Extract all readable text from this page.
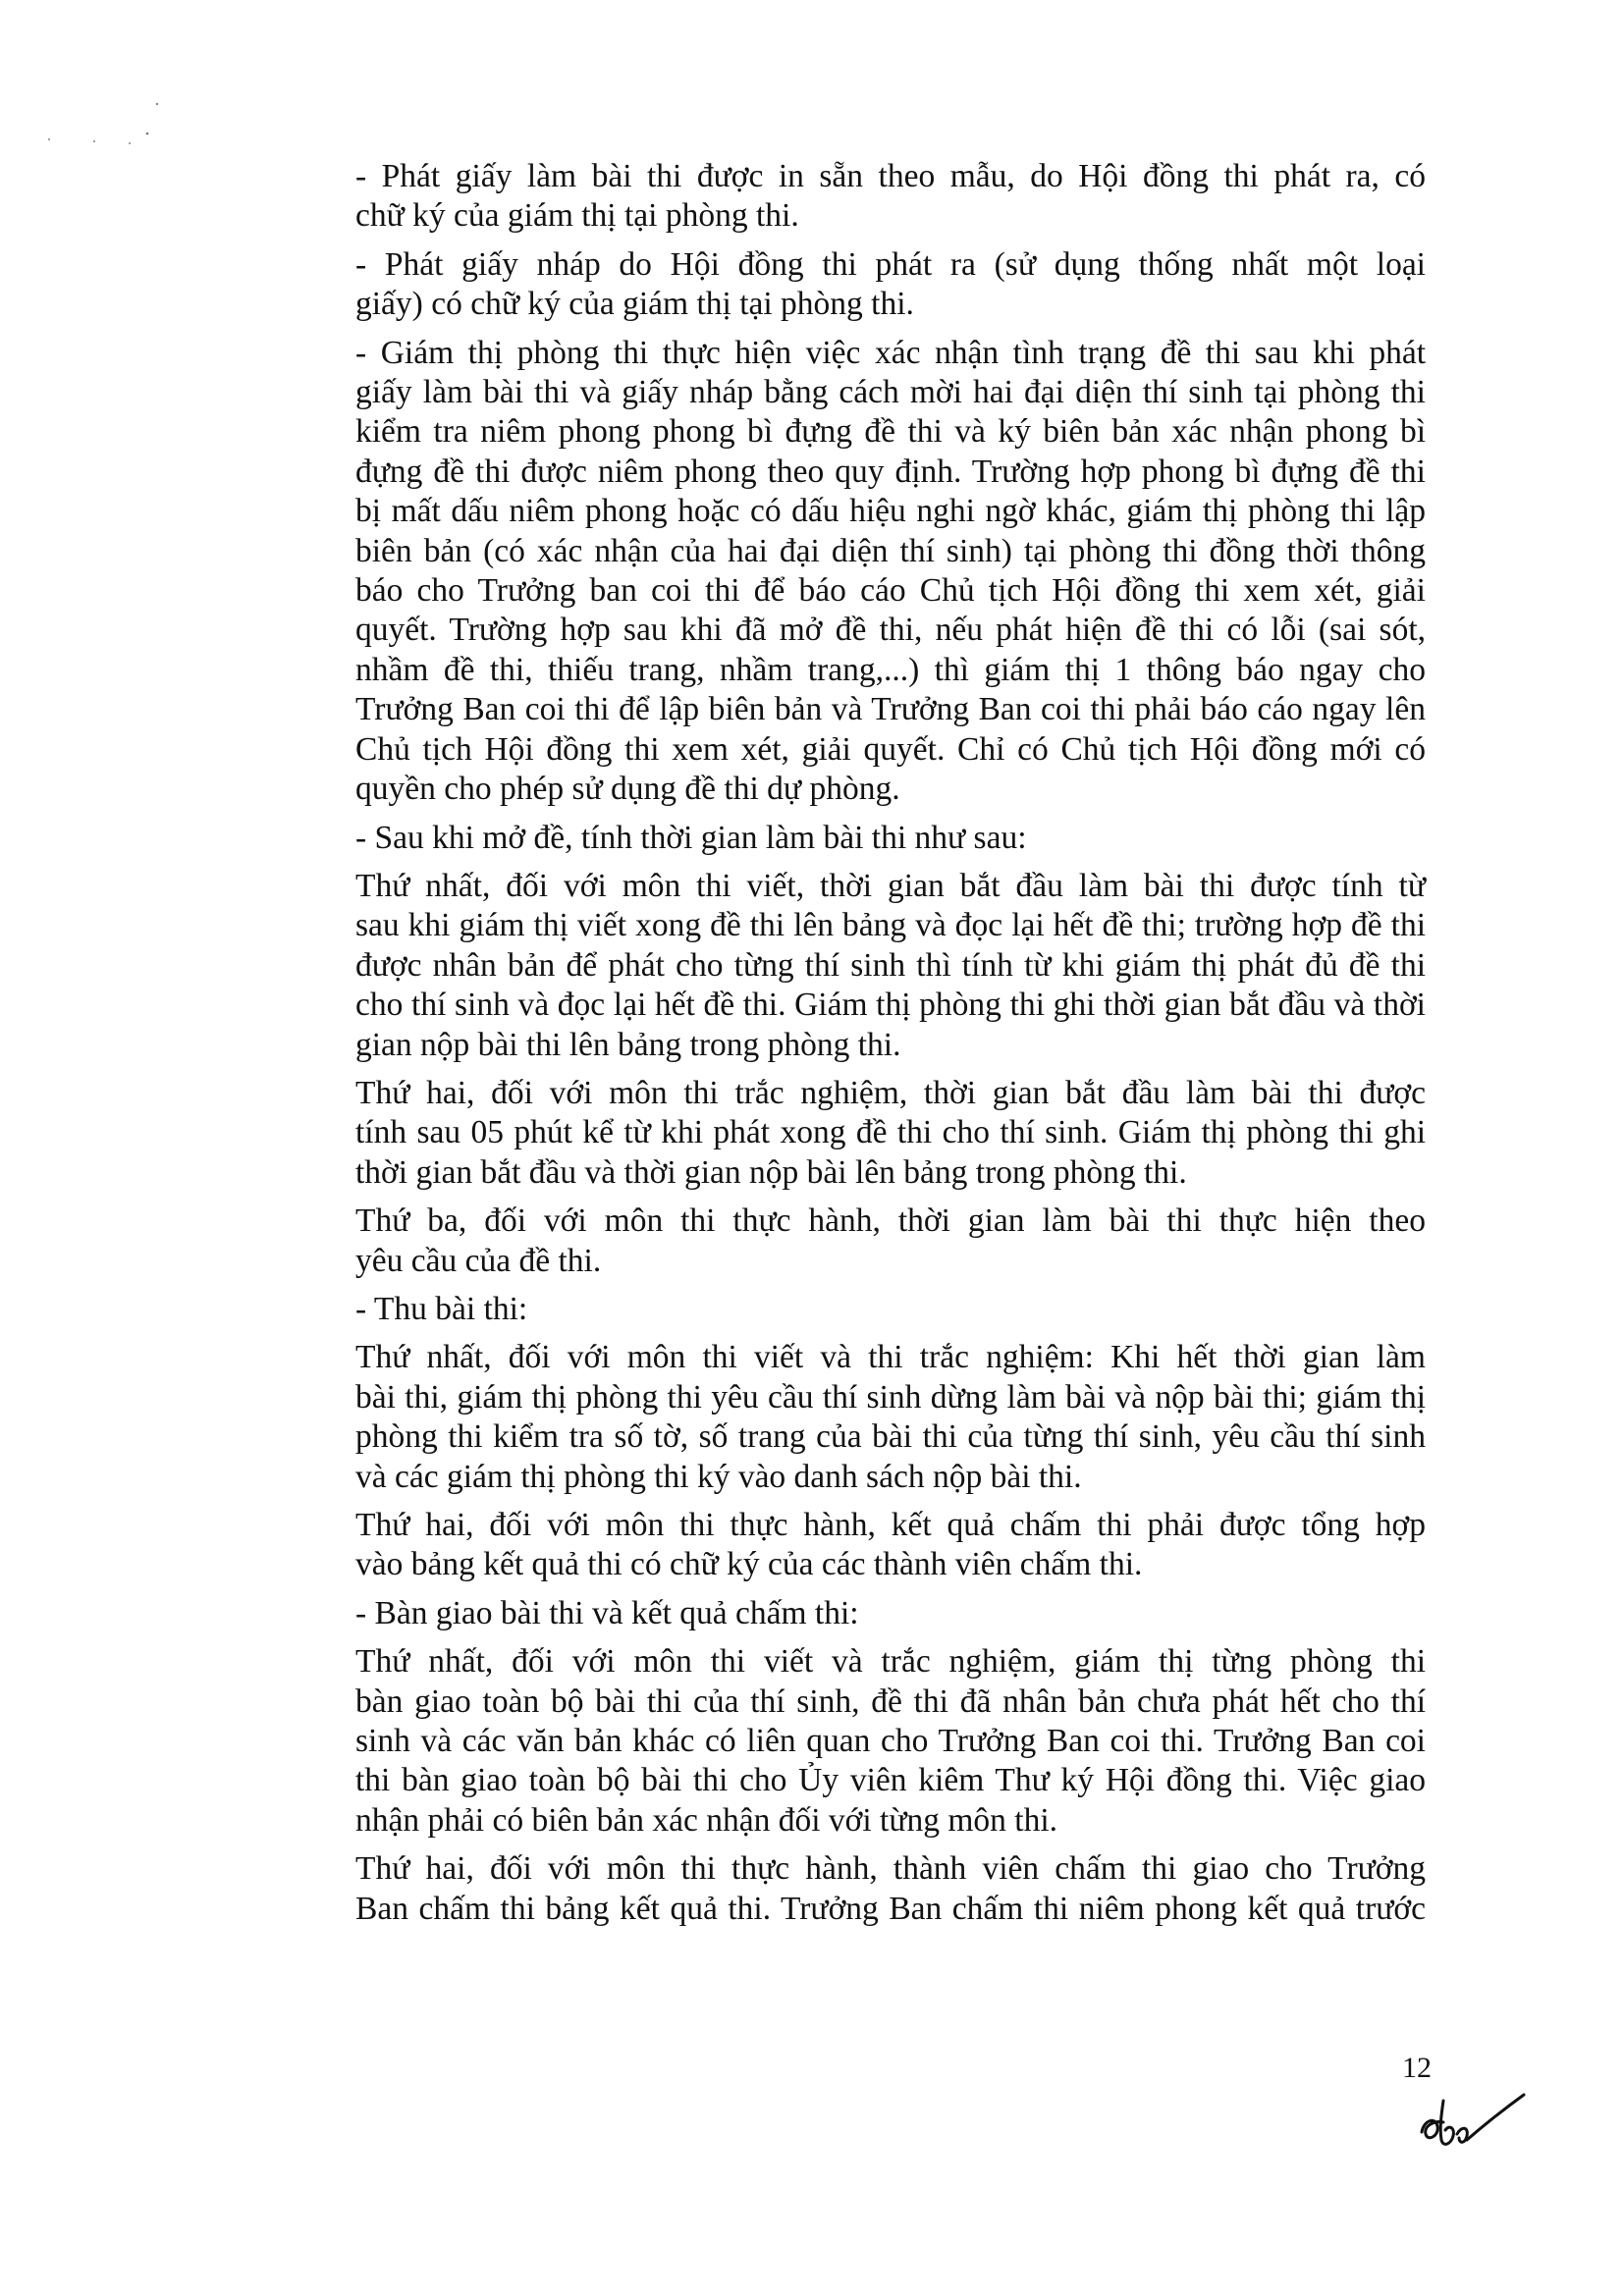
- Phát giấy làm bài thi được in sẵn theo mẫu, do Hội đồng thi phát ra, có
chữ ký của giám thị tại phòng thi.
- Phát giấy nháp do Hội đồng thi phát ra (sử dụng thống nhất một loại
giấy) có chữ ký của giám thị tại phòng thi.
- Giám thị phòng thi thực hiện việc xác nhận tình trạng đề thi sau khi phát
giấy làm bài thi và giấy nháp bằng cách mời hai đại diện thí sinh tại phòng thi
kiểm tra niêm phong phong bì đựng đề thi và ký biên bản xác nhận phong bì
đựng đề thi được niêm phong theo quy định. Trường hợp phong bì đựng đề thi
bị mất dấu niêm phong hoặc có dấu hiệu nghi ngờ khác, giám thị phòng thi lập
biên bản (có xác nhận của hai đại diện thí sinh) tại phòng thi đồng thời thông
báo cho Trưởng ban coi thi để báo cáo Chủ tịch Hội đồng thi xem xét, giải
quyết. Trường hợp sau khi đã mở đề thi, nếu phát hiện đề thi có lỗi (sai sót,
nhầm đề thi, thiếu trang, nhầm trang,...) thì giám thị 1 thông báo ngay cho
Trưởng Ban coi thi để lập biên bản và Trưởng Ban coi thi phải báo cáo ngay lên
Chủ tịch Hội đồng thi xem xét, giải quyết. Chỉ có Chủ tịch Hội đồng mới có
quyền cho phép sử dụng đề thi dự phòng.
- Sau khi mở đề, tính thời gian làm bài thi như sau:
Thứ nhất, đối với môn thi viết, thời gian bắt đầu làm bài thi được tính từ
sau khi giám thị viết xong đề thi lên bảng và đọc lại hết đề thi; trường hợp đề thi
được nhân bản để phát cho từng thí sinh thì tính từ khi giám thị phát đủ đề thi
cho thí sinh và đọc lại hết đề thi. Giám thị phòng thi ghi thời gian bắt đầu và thời
gian nộp bài thi lên bảng trong phòng thi.
Thứ hai, đối với môn thi trắc nghiệm, thời gian bắt đầu làm bài thi được
tính sau 05 phút kể từ khi phát xong đề thi cho thí sinh. Giám thị phòng thi ghi
thời gian bắt đầu và thời gian nộp bài lên bảng trong phòng thi.
Thứ ba, đối với môn thi thực hành, thời gian làm bài thi thực hiện theo
yêu cầu của đề thi.
- Thu bài thi:
Thứ nhất, đối với môn thi viết và thi trắc nghiệm: Khi hết thời gian làm
bài thi, giám thị phòng thi yêu cầu thí sinh dừng làm bài và nộp bài thi; giám thị
phòng thi kiểm tra số tờ, số trang của bài thi của từng thí sinh, yêu cầu thí sinh
và các giám thị phòng thi ký vào danh sách nộp bài thi.
Thứ hai, đối với môn thi thực hành, kết quả chấm thi phải được tổng hợp
vào bảng kết quả thi có chữ ký của các thành viên chấm thi.
- Bàn giao bài thi và kết quả chấm thi:
Thứ nhất, đối với môn thi viết và trắc nghiệm, giám thị từng phòng thi
bàn giao toàn bộ bài thi của thí sinh, đề thi đã nhân bản chưa phát hết cho thí
sinh và các văn bản khác có liên quan cho Trưởng Ban coi thi. Trưởng Ban coi
thi bàn giao toàn bộ bài thi cho Ủy viên kiêm Thư ký Hội đồng thi. Việc giao
nhận phải có biên bản xác nhận đối với từng môn thi.
Thứ hai, đối với môn thi thực hành, thành viên chấm thi giao cho Trưởng
Ban chấm thi bảng kết quả thi. Trưởng Ban chấm thi niêm phong kết quả trước
12
